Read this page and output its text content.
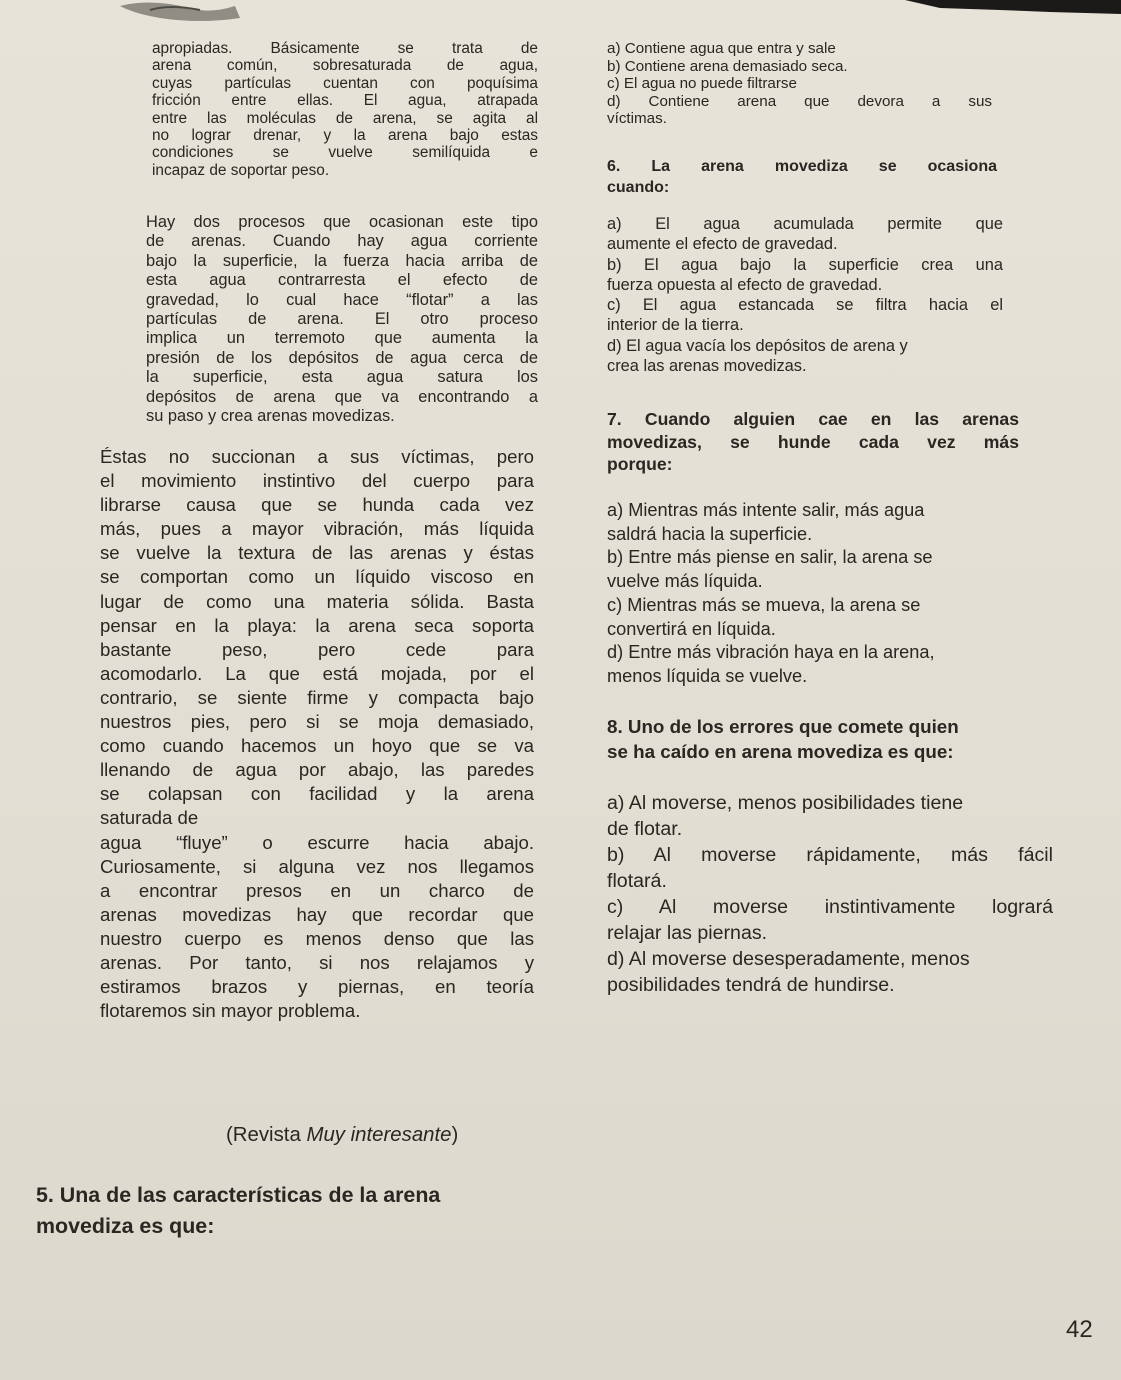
apropiadas. Básicamente se trata de
arena común, sobresaturada de agua,
cuyas partículas cuentan con poquísima
fricción entre ellas. El agua, atrapada
entre las moléculas de arena, se agita al
no lograr drenar, y la arena bajo estas
condiciones se vuelve semilíquida e
incapaz de soportar peso.
Hay dos procesos que ocasionan este tipo
de arenas. Cuando hay agua corriente
bajo la superficie, la fuerza hacia arriba de
esta agua contrarresta el efecto de
gravedad, lo cual hace “flotar” a las
partículas de arena. El otro proceso
implica un terremoto que aumenta la
presión de los depósitos de agua cerca de
la superficie, esta agua satura los
depósitos de arena que va encontrando a
su paso y crea arenas movedizas.
Éstas no succionan a sus víctimas, pero
el movimiento instintivo del cuerpo para
librarse causa que se hunda cada vez
más, pues a mayor vibración, más líquida
se vuelve la textura de las arenas y éstas
se comportan como un líquido viscoso en
lugar de como una materia sólida. Basta
pensar en la playa: la arena seca soporta
bastante peso, pero cede para
acomodarlo. La que está mojada, por el
contrario, se siente firme y compacta bajo
nuestros pies, pero si se moja demasiado,
como cuando hacemos un hoyo que se va
llenando de agua por abajo, las paredes
se colapsan con facilidad y la arena
saturada de
agua “fluye” o escurre hacia abajo.
Curiosamente, si alguna vez nos llegamos
a encontrar presos en un charco de
arenas movedizas hay que recordar que
nuestro cuerpo es menos denso que las
arenas. Por tanto, si nos relajamos y
estiramos brazos y piernas, en teoría
flotaremos sin mayor problema.
(Revista Muy interesante)
5. Una de las características de la arena
movediza es que:
a) Contiene agua que entra y sale
b) Contiene arena demasiado seca.
c) El agua no puede filtrarse
d) Contiene arena que devora a sus
víctimas.
6. La arena movediza se ocasiona
cuando:
a) El agua acumulada permite que
aumente el efecto de gravedad.
b) El agua bajo la superficie crea una
fuerza opuesta al efecto de gravedad.
c) El agua estancada se filtra hacia el
interior de la tierra.
d) El agua vacía los depósitos de arena y
crea las arenas movedizas.
7. Cuando alguien cae en las arenas
movedizas, se hunde cada vez más
porque:
a) Mientras más intente salir, más agua
saldrá hacia la superficie.
b) Entre más piense en salir, la arena se
vuelve más líquida.
c) Mientras más se mueva, la arena se
convertirá en líquida.
d) Entre más vibración haya en la arena,
menos líquida se vuelve.
8. Uno de los errores que comete quien
se ha caído en arena movediza es que:
a) Al moverse, menos posibilidades tiene
de flotar.
b) Al moverse rápidamente, más fácil
flotará.
c) Al moverse instintivamente logrará
relajar las piernas.
d) Al moverse desesperadamente, menos
posibilidades tendrá de hundirse.
42
